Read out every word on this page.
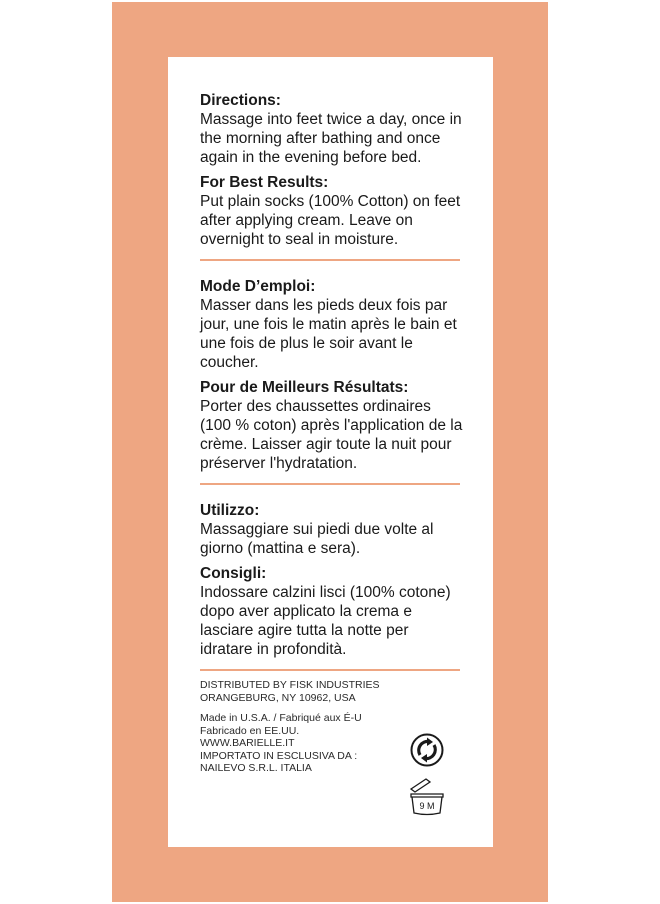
Directions:

Massage into feet twice a day, once in the morning after bathing and once again in the evening before bed.

For Best Results:

Put plain socks (100% Cotton) on feet after applying cream. Leave on overnight to seal in moisture.

Mode D’emploi:

Masser dans les pieds deux fois par jour, une fois le matin après le bain et une fois de plus le soir avant le coucher.

Pour de Meilleurs Résultats:

Porter des chaussettes ordinaires (100 % coton) après l'application de la crème. Laisser agir toute la nuit pour préserver l'hydratation.

Utilizzo:

Massaggiare sui piedi due volte al giorno (mattina e sera).

Consigli:

Indossare calzini lisci (100% cotone) dopo aver applicato la crema e lasciare agire tutta la notte per idratare in profondità.

DISTRIBUTED BY FISK INDUSTRIES

ORANGEBURG, NY 10962, USA

Made in U.S.A. / Fabriqué aux É-U

Fabricado en EE.UU.

WWW.BARIELLE.IT

IMPORTATO IN ESCLUSIVA DA :

NAILEVO S.R.L. ITALIA

9 M
